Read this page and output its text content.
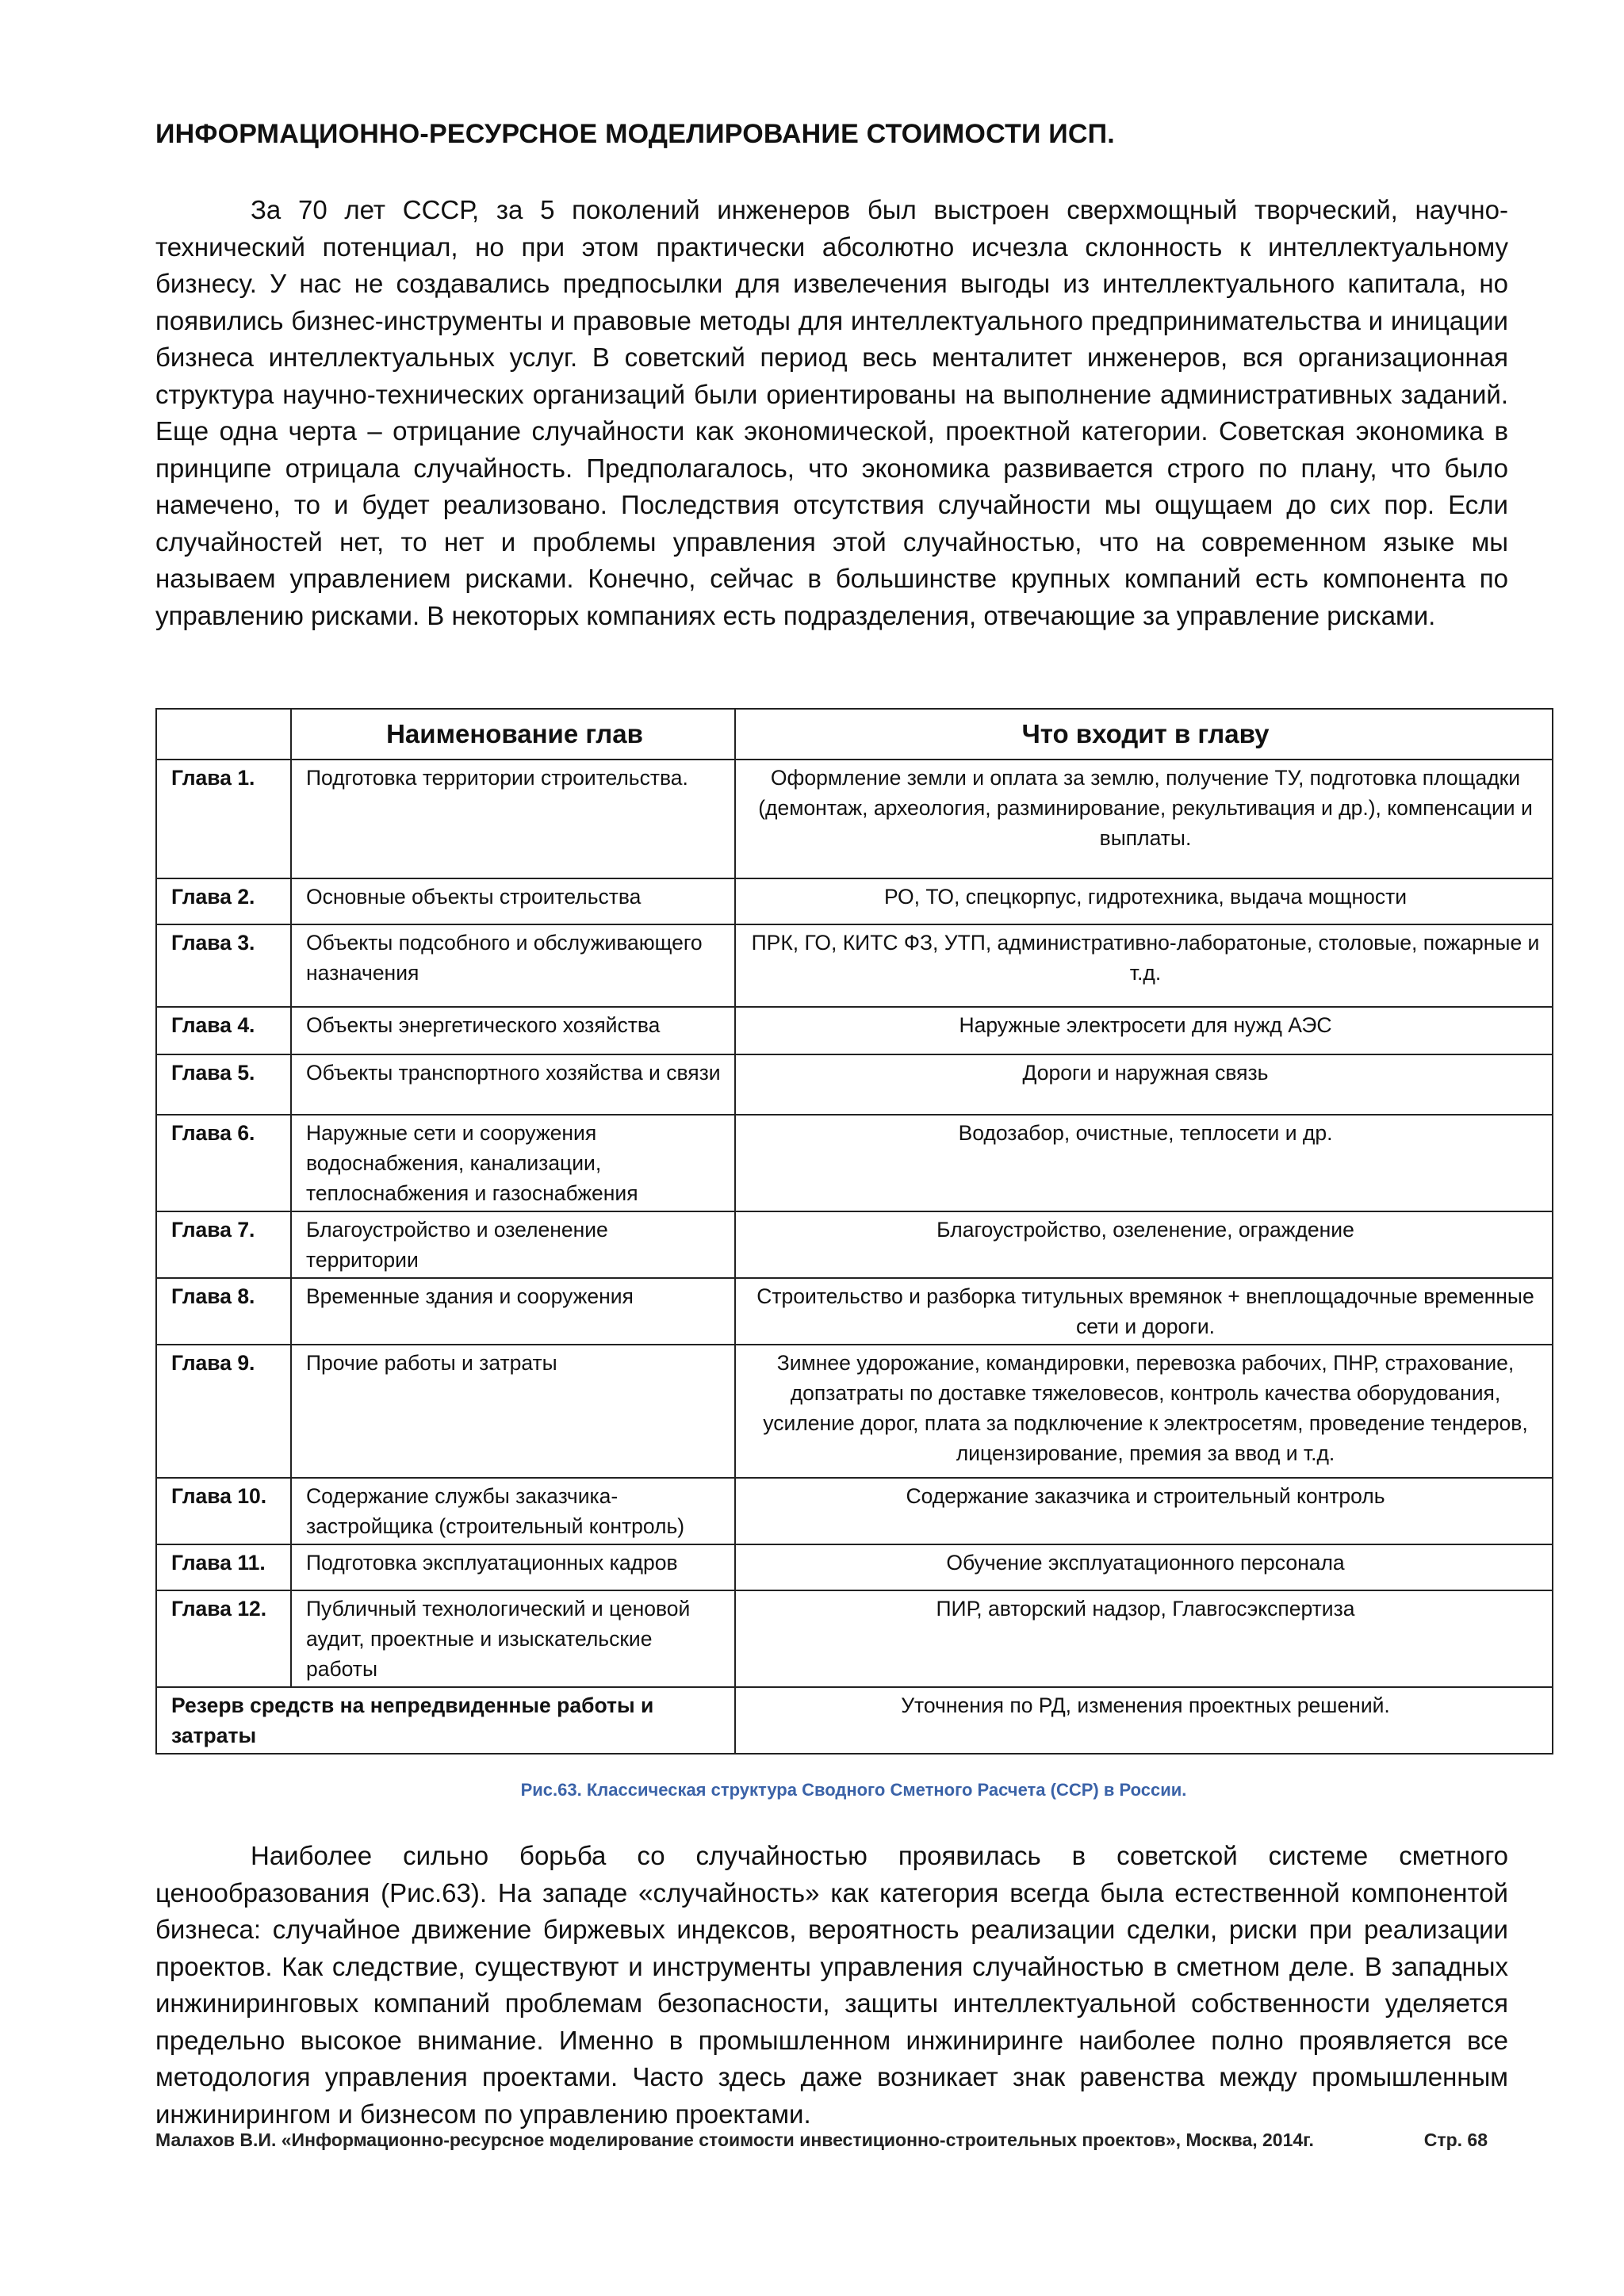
ИНФОРМАЦИОННО-РЕСУРСНОЕ МОДЕЛИРОВАНИЕ СТОИМОСТИ ИСП.

За 70 лет СССР, за 5 поколений инженеров был выстроен сверхмощный творческий, научно-технический потенциал, но при этом практически абсолютно исчезла склонность к интеллектуальному бизнесу. У нас не создавались предпосылки для извелечения выгоды из интеллектуального капитала, но появились бизнес-инструменты и правовые методы для интеллектуального предпринимательства и иницации бизнеса интеллектуальных услуг. В советский период весь менталитет инженеров, вся организационная структура научно-технических организаций были ориентированы на выполнение административных заданий. Еще одна черта – отрицание случайности как экономической, проектной категории. Советская экономика в принципе отрицала случайность. Предполагалось, что экономика развивается строго по плану, что было намечено, то и будет реализовано. Последствия отсутствия случайности мы ощущаем до сих пор. Если случайностей нет, то нет и проблемы управления этой случайностью, что на современном языке мы называем управлением рисками. Конечно, сейчас в большинстве крупных компаний есть компонента по управлению рисками. В некоторых компаниях есть подразделения, отвечающие за управление рисками.

	Наименование глав	Что входит в главу
Глава 1.	Подготовка территории строительства.	Оформление земли и оплата за землю, получение ТУ, подготовка площадки (демонтаж, археология, разминирование, рекультивация и др.), компенсации и выплаты.
Глава 2.	Основные объекты строительства	РО, ТО, спецкорпус, гидротехника, выдача мощности
Глава 3.	Объекты подсобного и обслуживающего назначения	ПРК, ГО, КИТС ФЗ, УТП, административно-лаборатоные, столовые, пожарные и т.д.
Глава 4.	Объекты энергетического хозяйства	Наружные электросети для нужд АЭС
Глава 5.	Объекты транспортного хозяйства и связи	Дороги и наружная связь
Глава 6.	Наружные сети и сооружения водоснабжения, канализации, теплоснабжения и газоснабжения	Водозабор, очистные, теплосети и др.
Глава 7.	Благоустройство и озеленение территории	Благоустройство, озеленение, ограждение
Глава 8.	Временные здания и сооружения	Строительство и разборка титульных времянок + внеплощадочные временные сети и дороги.
Глава 9.	Прочие работы и затраты	Зимнее удорожание, командировки, перевозка рабочих, ПНР, страхование, допзатраты по доставке тяжеловесов, контроль качества оборудования, усиление дорог, плата за подключение к электросетям, проведение тендеров, лицензирование, премия за ввод и т.д.
Глава 10.	Содержание службы заказчика-застройщика (строительный контроль)	Содержание заказчика и строительный контроль
Глава 11.	Подготовка эксплуатационных кадров	Обучение эксплуатационного персонала
Глава 12.	Публичный технологический и ценовой аудит, проектные и изыскательские работы	ПИР, авторский надзор, Главгосэкспертиза
Резерв средств на непредвиденные работы и затраты		Уточнения по РД, изменения проектных решений.
Рис.63. Классическая структура Сводного Сметного Расчета (ССР) в России.

Наиболее сильно борьба со случайностью проявилась в советской системе сметного ценообразования (Рис.63). На западе «случайность» как категория всегда была естественной компонентой бизнеса: случайное движение биржевых индексов, вероятность реализации сделки, риски при реализации проектов. Как следствие, существуют и инструменты управления случайностью в сметном деле. В западных инжиниринговых компаний проблемам безопасности, защиты интеллектуальной собственности уделяется предельно высокое внимание. Именно в промышленном инжиниринге наиболее полно проявляется все методология управления проектами. Часто здесь даже возникает знак равенства между промышленным инжинирингом и бизнесом по управлению проектами.

Малахов В.И. «Информационно-ресурсное моделирование стоимости инвестиционно-строительных проектов», Москва, 2014г.	Стр. 68
